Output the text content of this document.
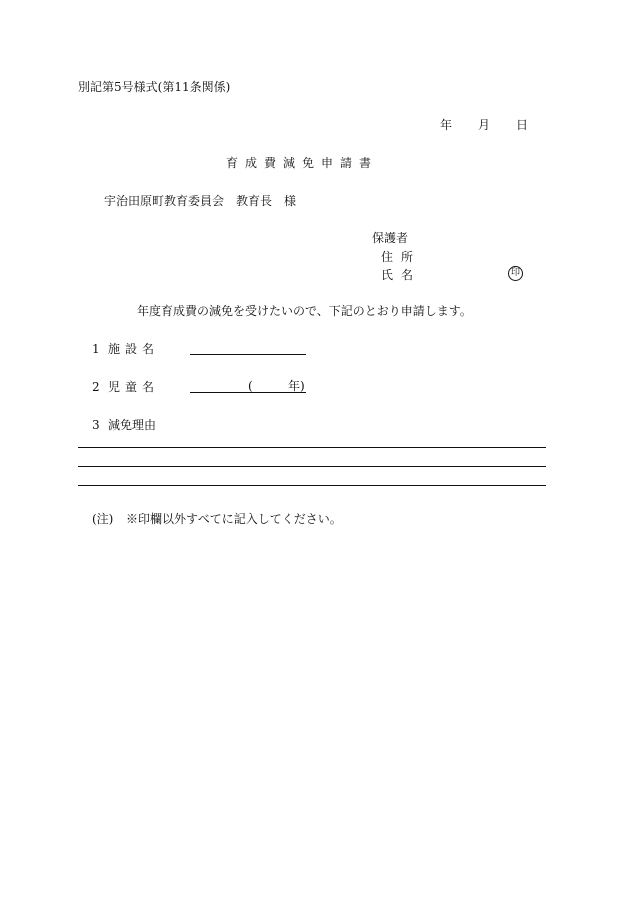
別記第5号様式(第11条関係)
年 月 日
育成費減免申請書
宇治田原町教育委員会　教育長　様
保護者
住所
氏名	印
年度育成費の減免を受けたいので、下記のとおり申請します。
1 施設名
2 児童名	(	年)
3 減免理由
(注) ※印欄以外すべてに記入してください。
